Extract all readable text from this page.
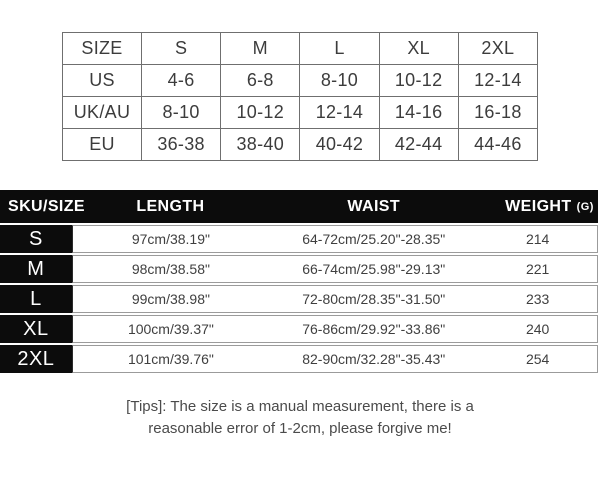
SIZE	S	M	L	XL	2XL
US	4-6	6-8	8-10	10-12	12-14
UK/AU	8-10	10-12	12-14	14-16	16-18
EU	36-38	38-40	40-42	42-44	44-46
SKU/SIZE	LENGTH	WAIST	WEIGHT (G)
S	97cm/38.19"	64-72cm/25.20"-28.35"	214
M	98cm/38.58"	66-74cm/25.98"-29.13"	221
L	99cm/38.98"	72-80cm/28.35"-31.50"	233
XL	100cm/39.37"	76-86cm/29.92"-33.86"	240
2XL	101cm/39.76"	82-90cm/32.28"-35.43"	254
[Tips]: The size is a manual measurement, there is a
reasonable error of 1-2cm, please forgive me!
